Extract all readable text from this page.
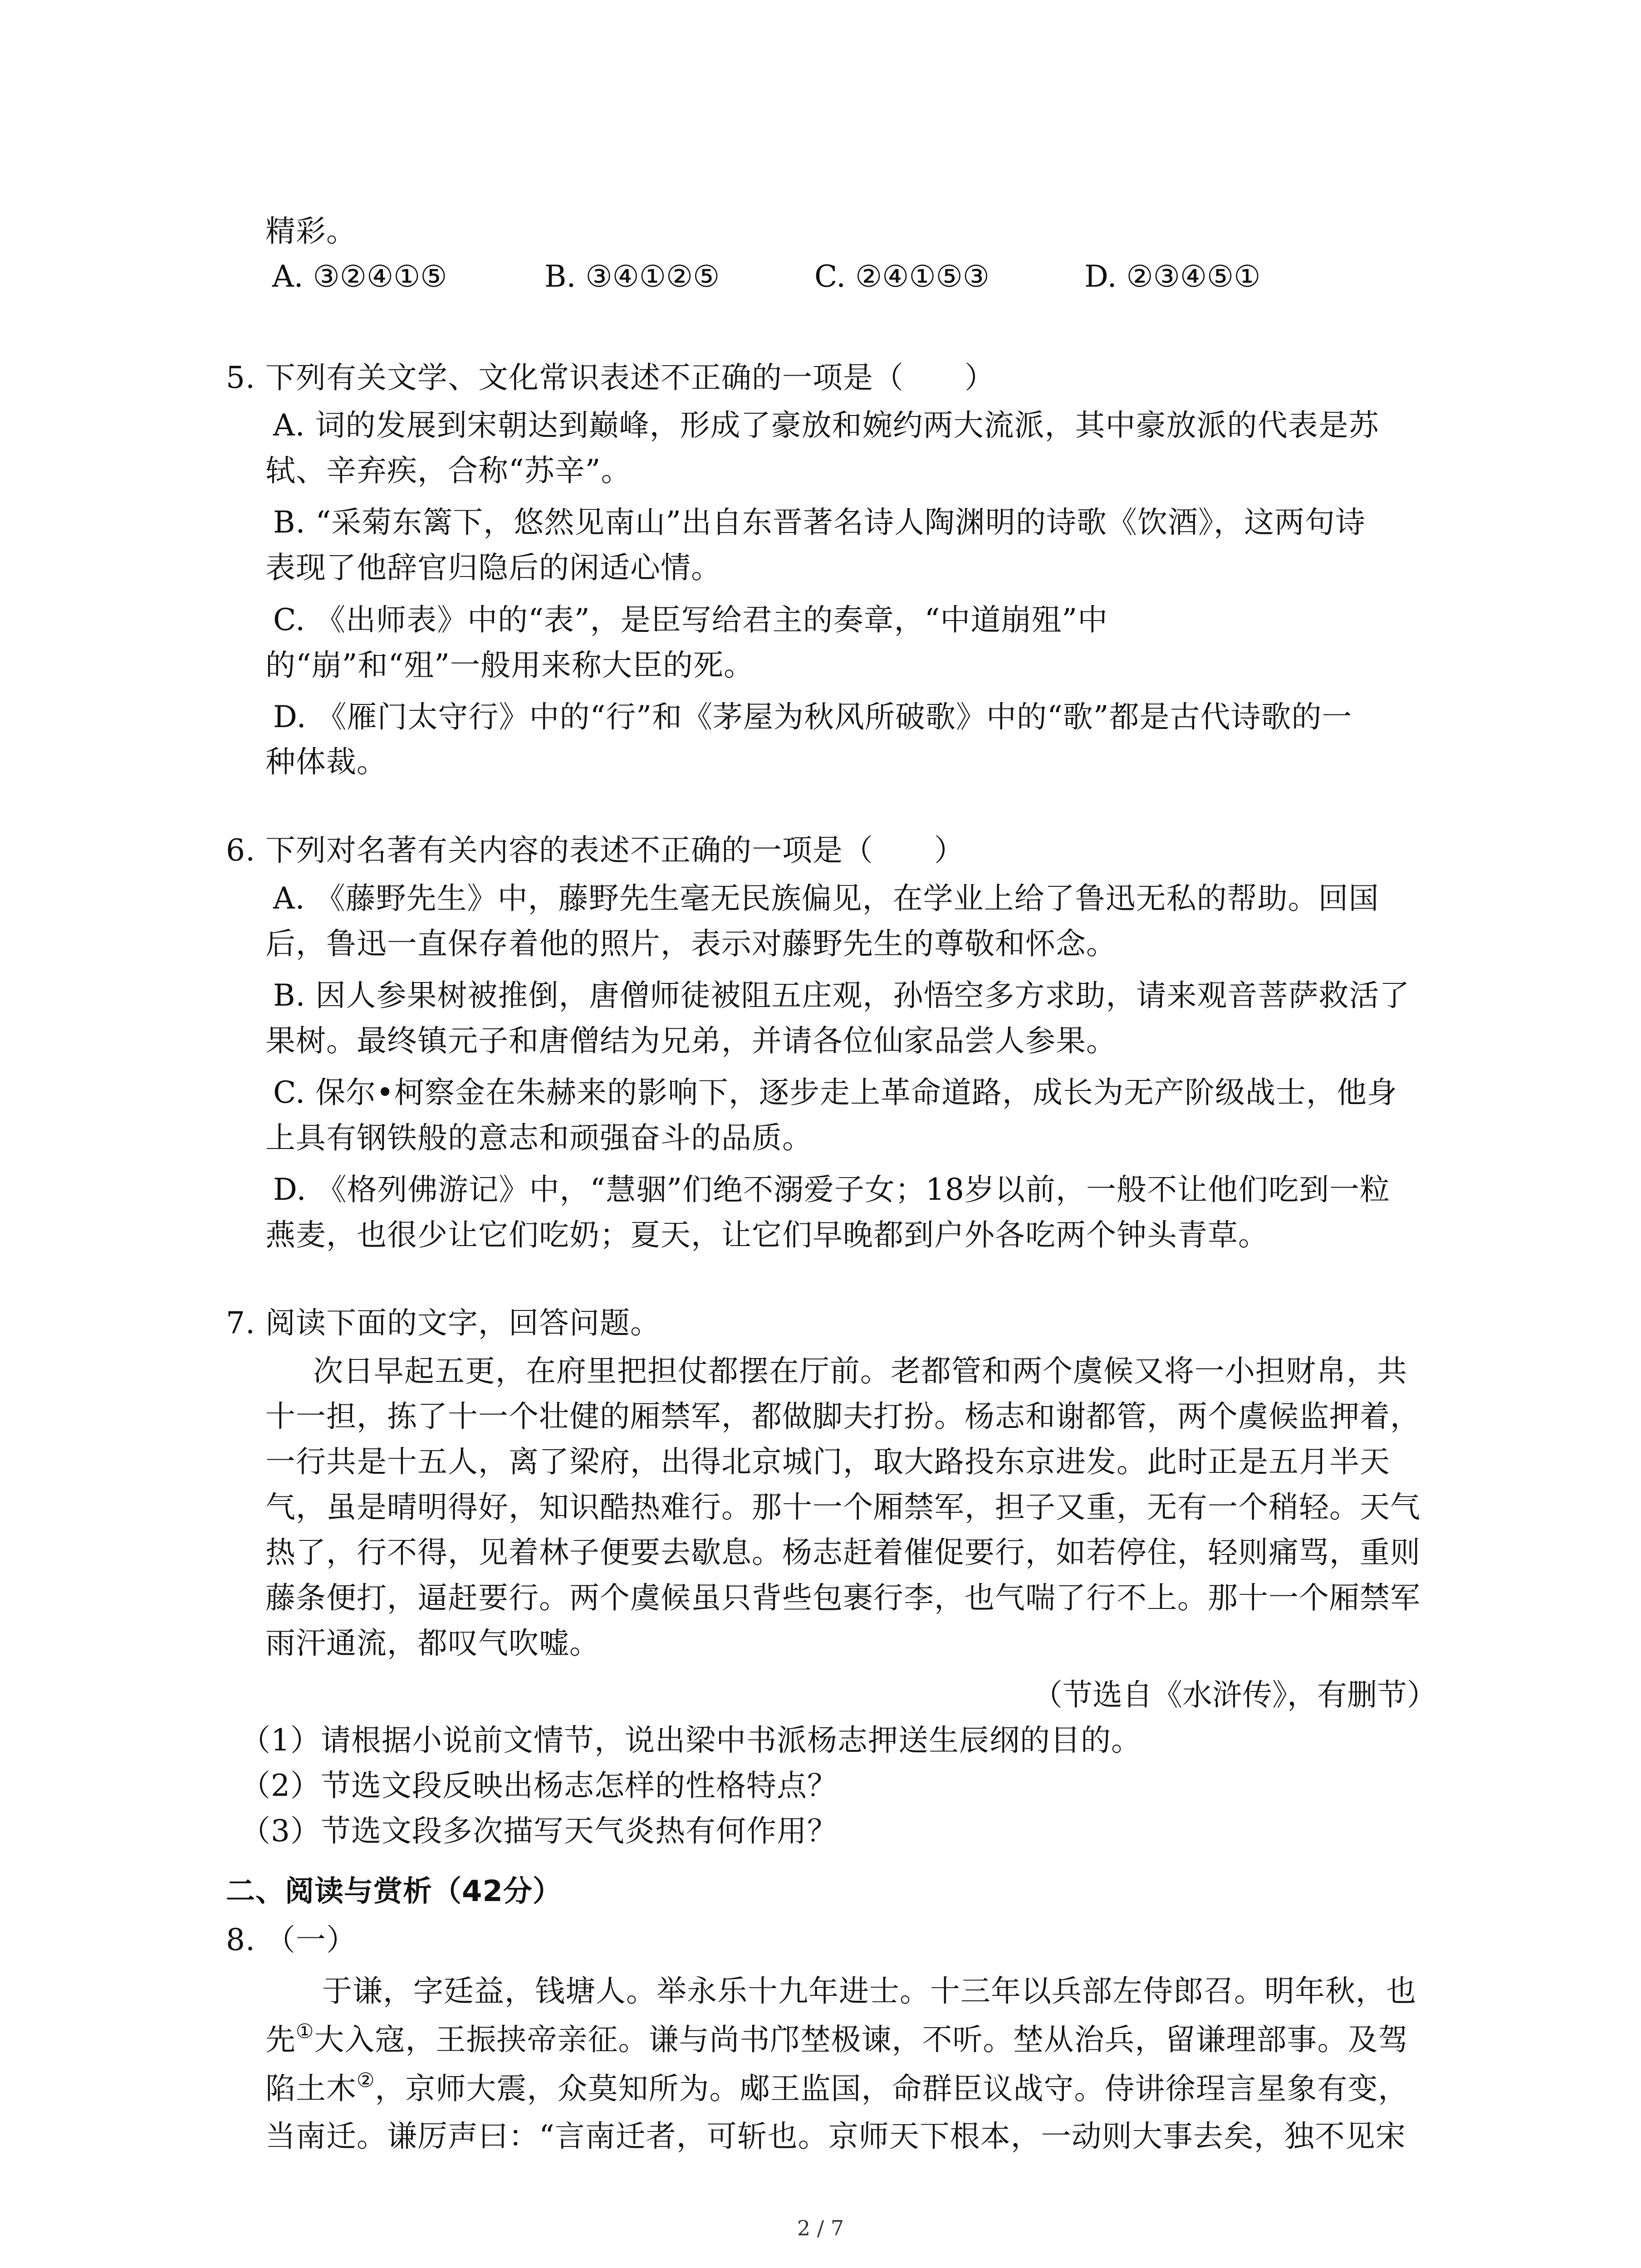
精彩。
A. ③②④①⑤	B. ③④①②⑤	C. ②④①⑤③	D. ②③④⑤①
5. 下列有关文学、文化常识表述不正确的一项是（　　）
A. 词的发展到宋朝达到巅峰，形成了豪放和婉约两大流派，其中豪放派的代表是苏
轼、辛弃疾，合称“苏辛”。
B. “采菊东篱下，悠然见南山”出自东晋著名诗人陶渊明的诗歌《饮酒》，这两句诗
表现了他辞官归隐后的闲适心情。
C. 《出师表》中的“表”，是臣写给君主的奏章，“中道崩殂”中
的“崩”和“殂”一般用来称大臣的死。
D. 《雁门太守行》中的“行”和《茅屋为秋风所破歌》中的“歌”都是古代诗歌的一
种体裁。
6. 下列对名著有关内容的表述不正确的一项是（　　）
A. 《藤野先生》中，藤野先生毫无民族偏见，在学业上给了鲁迅无私的帮助。回国
后，鲁迅一直保存着他的照片，表示对藤野先生的尊敬和怀念。
B. 因人参果树被推倒，唐僧师徒被阻五庄观，孙悟空多方求助，请来观音菩萨救活了
果树。最终镇元子和唐僧结为兄弟，并请各位仙家品尝人参果。
C. 保尔•柯察金在朱赫来的影响下，逐步走上革命道路，成长为无产阶级战士，他身
上具有钢铁般的意志和顽强奋斗的品质。
D. 《格列佛游记》中，“慧骃”们绝不溺爱子女；18岁以前，一般不让他们吃到一粒
燕麦，也很少让它们吃奶；夏天，让它们早晚都到户外各吃两个钟头青草。
7. 阅读下面的文字，回答问题。
次日早起五更，在府里把担仗都摆在厅前。老都管和两个虞候又将一小担财帛，共
十一担，拣了十一个壮健的厢禁军，都做脚夫打扮。杨志和谢都管，两个虞候监押着，
一行共是十五人，离了梁府，出得北京城门，取大路投东京进发。此时正是五月半天
气，虽是晴明得好，知识酷热难行。那十一个厢禁军，担子又重，无有一个稍轻。天气
热了，行不得，见着林子便要去歇息。杨志赶着催促要行，如若停住，轻则痛骂，重则
藤条便打，逼赶要行。两个虞候虽只背些包裹行李，也气喘了行不上。那十一个厢禁军
雨汗通流，都叹气吹嘘。
（节选自《水浒传》，有删节）
（1）请根据小说前文情节，说出梁中书派杨志押送生辰纲的目的。
（2）节选文段反映出杨志怎样的性格特点？
（3）节选文段多次描写天气炎热有何作用？
二、阅读与赏析（42分）
8. （一）
于谦，字廷益，钱塘人。举永乐十九年进士。十三年以兵部左侍郎召。明年秋，也
先①大入寇，王振挟帝亲征。谦与尚书邝埜极谏，不听。埜从治兵，留谦理部事。及驾
陷土木②，京师大震，众莫知所为。郕王监国，命群臣议战守。侍讲徐珵言星象有变，
当南迁。谦厉声曰：“言南迁者，可斩也。京师天下根本，一动则大事去矣，独不见宋
2 / 7
